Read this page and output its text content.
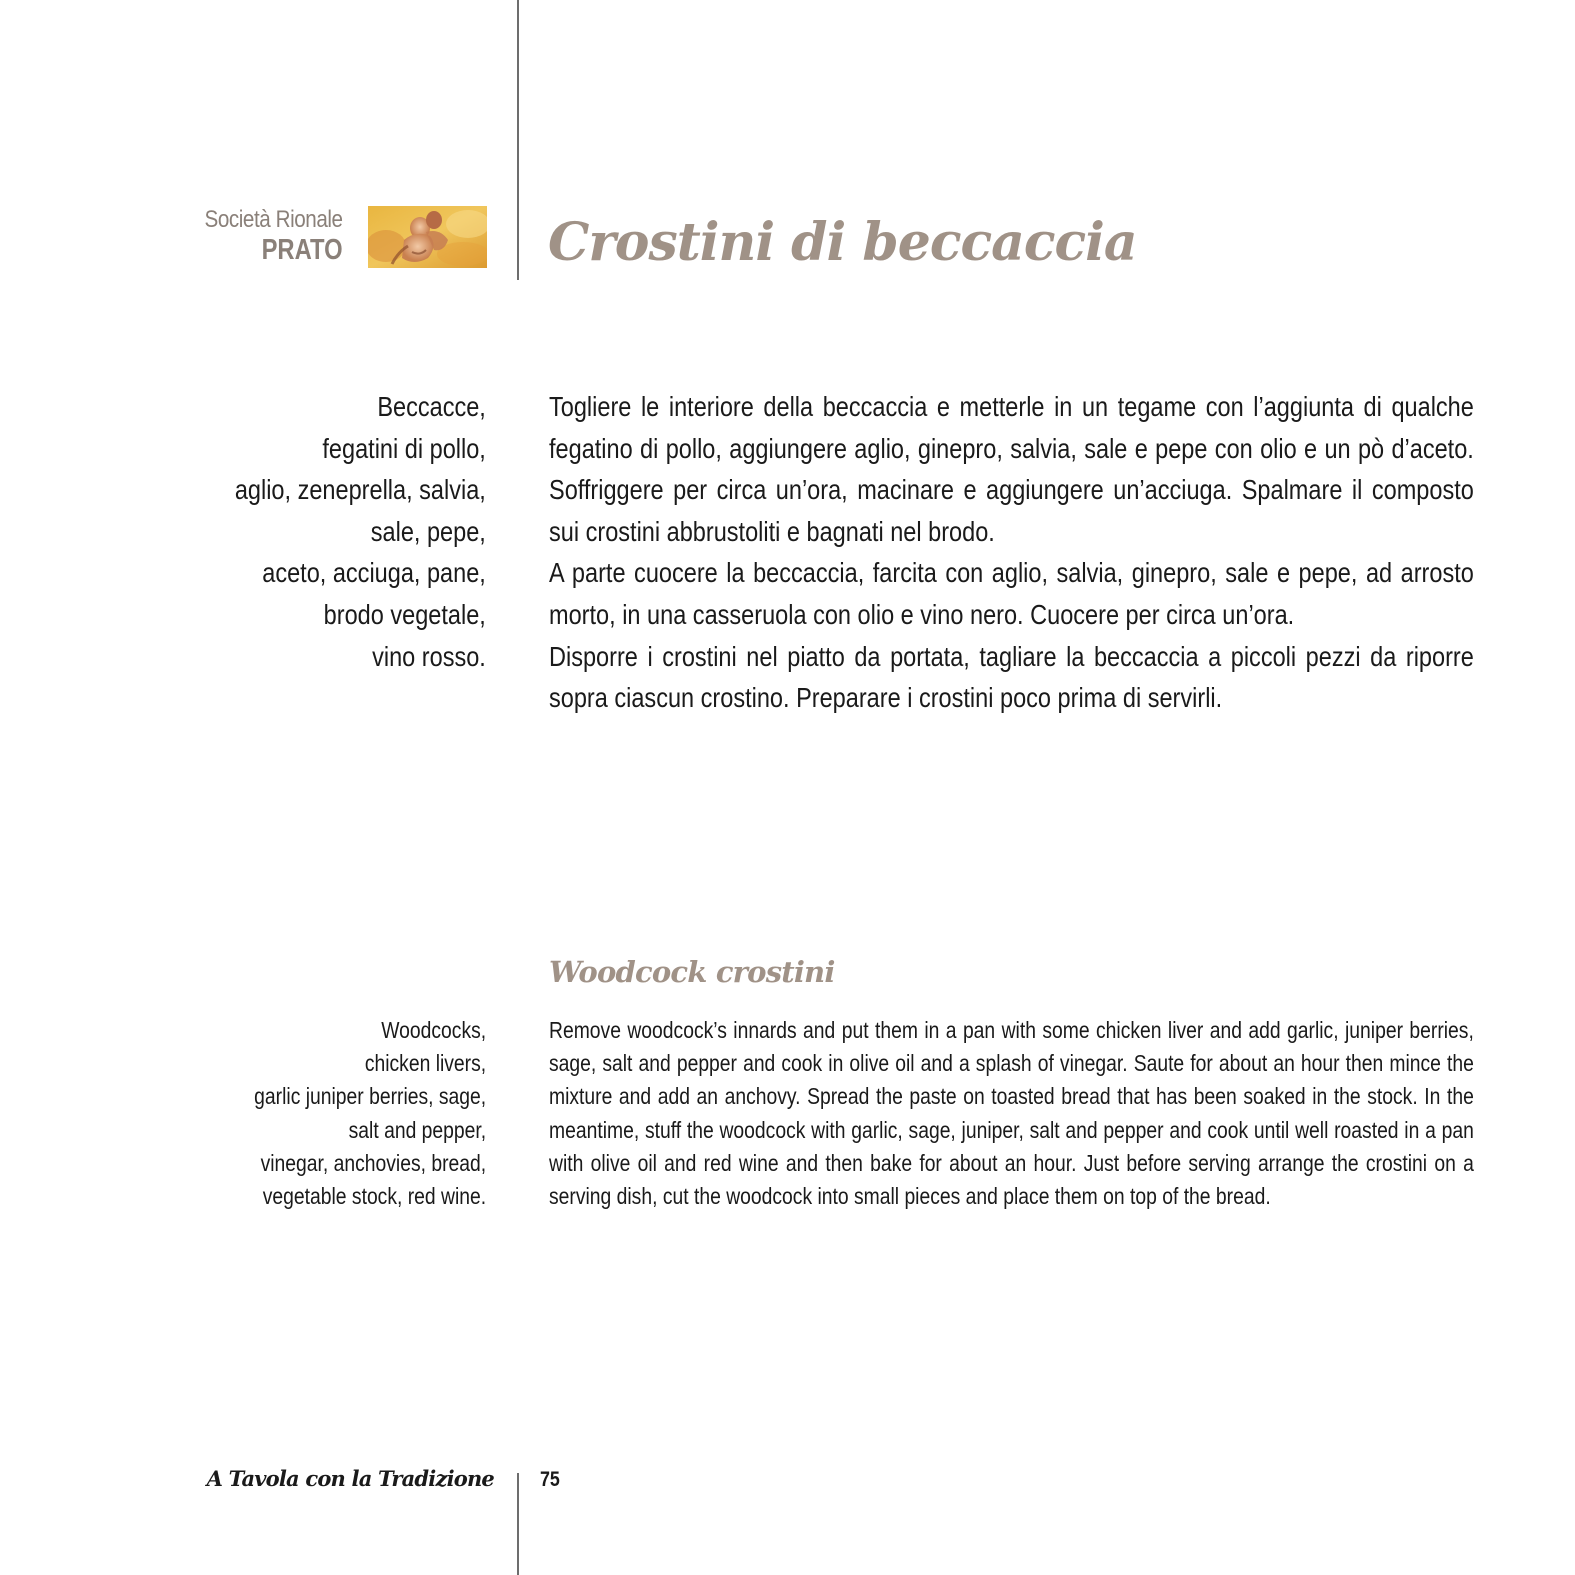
Società Rionale
PRATO	Crostini di beccaccia
Beccacce,
fegatini di pollo,
aglio, zeneprella, salvia,
sale, pepe,
aceto, acciuga, pane,
brodo vegetale,
vino rosso.

Togliere le interiore della beccaccia e metterle in un tegame con l’aggiunta di qualche fegatino di pollo, aggiungere aglio, ginepro, salvia, sale e pepe con olio e un pò d’aceto. Soffriggere per circa un’ora, macinare e aggiungere un’acciuga. Spalmare il composto sui crostini abbrustoliti e bagnati nel brodo.

A parte cuocere la beccaccia, farcita con aglio, salvia, ginepro, sale e pepe, ad arrosto morto, in una casseruola con olio e vino nero. Cuocere per circa un’ora.

Disporre i crostini nel piatto da portata, tagliare la beccaccia a piccoli pezzi da riporre sopra ciascun crostino. Preparare i crostini poco prima di servirli.

Woodcock crostini
Woodcocks,
chicken livers,
garlic juniper berries, sage,
salt and pepper,
vinegar, anchovies, bread,
vegetable stock, red wine.

Remove woodcock’s innards and put them in a pan with some chicken liver and add garlic, juniper berries, sage, salt and pepper and cook in olive oil and a splash of vinegar. Saute for about an hour then mince the mixture and add an anchovy. Spread the paste on toasted bread that has been soaked in the stock. In the meantime, stuff the woodcock with garlic, sage, juniper, salt and pepper and cook until well roasted in a pan with olive oil and red wine and then bake for about an hour. Just before serving arrange the crostini on a serving dish, cut the woodcock into small pieces and place them on top of the bread.

A Tavola con la Tradizione 75
